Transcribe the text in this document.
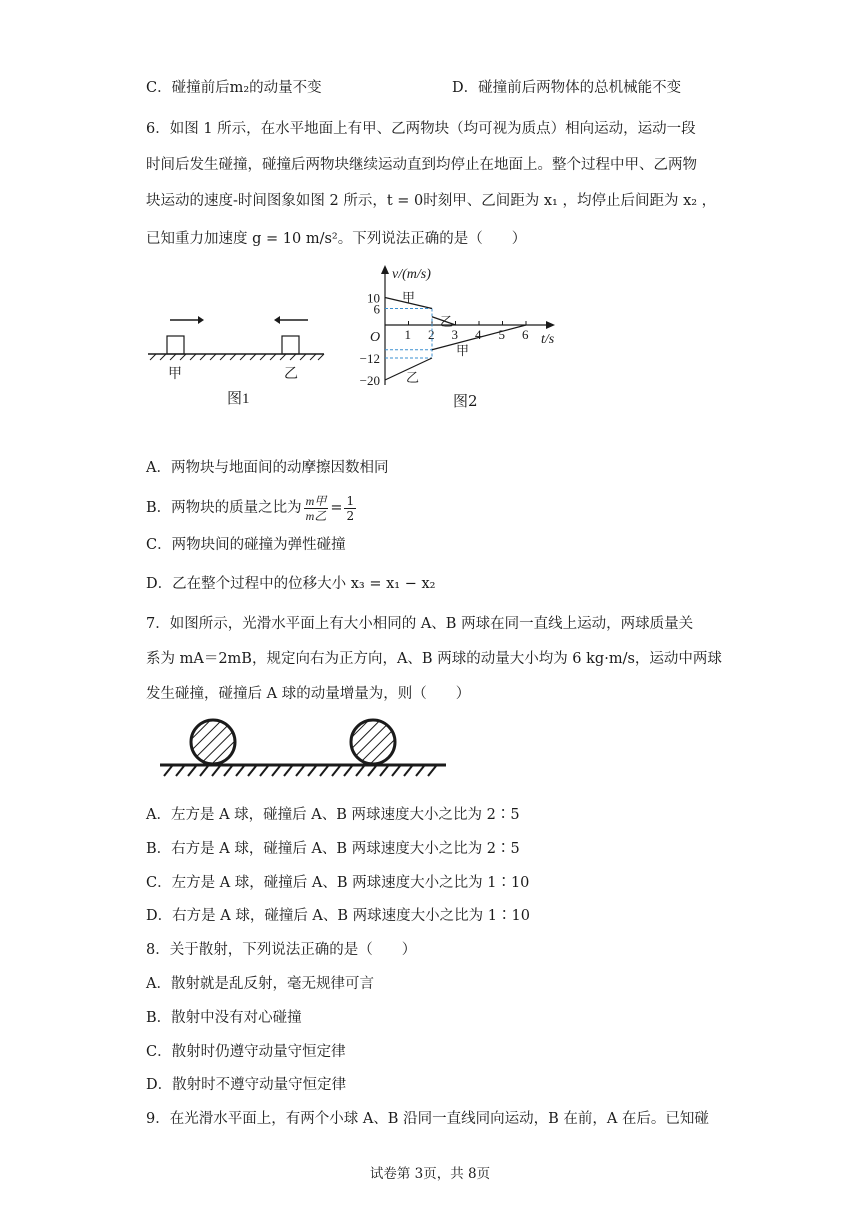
C．碰撞前后m₂的动量不变	D．碰撞前后两物体的总机械能不变
6．如图 1 所示，在水平地面上有甲、乙两物块（均可视为质点）相向运动，运动一段
时间后发生碰撞，碰撞后两物块继续运动直到均停止在地面上。整个过程中甲、乙两物
块运动的速度-时间图象如图 2 所示，t = 0时刻甲、乙间距为 x₁ ，均停止后间距为 x₂ ，
已知重力加速度 g = 10 m/s²。下列说法正确的是（　　）
甲	乙
图1
v/(m/s)
t/s
O 1 2 3 4 5 6
10
6
−12
−20
甲
乙
甲
乙
图2
A．两物块与地面间的动摩擦因数相同
B．两物块的质量之比为 $\frac{\text{m甲}}{\text{m乙}} = \frac{1}{2}$
C．两物块间的碰撞为弹性碰撞
D．乙在整个过程中的位移大小 x₃ = x₁ − x₂
7．如图所示，光滑水平面上有大小相同的 A、B 两球在同一直线上运动，两球质量关
系为 mA＝2mB，规定向右为正方向，A、B 两球的动量大小均为 6 kg·m/s，运动中两球
发生碰撞，碰撞后 A 球的动量增量为，则（　　）
A．左方是 A 球，碰撞后 A、B 两球速度大小之比为 2∶5
B．右方是 A 球，碰撞后 A、B 两球速度大小之比为 2∶5
C．左方是 A 球，碰撞后 A、B 两球速度大小之比为 1∶10
D．右方是 A 球，碰撞后 A、B 两球速度大小之比为 1∶10
8．关于散射，下列说法正确的是（　　）
A．散射就是乱反射，毫无规律可言
B．散射中没有对心碰撞
C．散射时仍遵守动量守恒定律
D．散射时不遵守动量守恒定律
9．在光滑水平面上，有两个小球 A、B 沿同一直线同向运动，B 在前，A 在后。已知碰
试卷第 3页，共 8页
